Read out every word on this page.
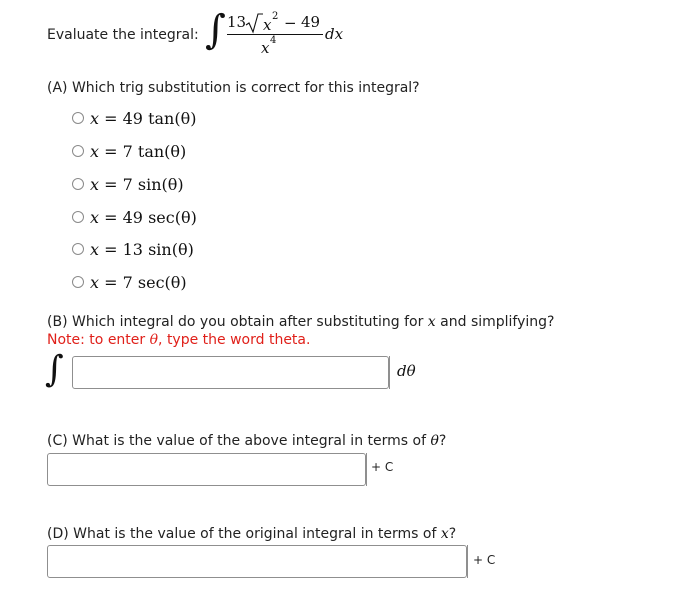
Evaluate the integral: ∫ 13 x 2 − 49
x 4	dx
(A) Which trig substitution is correct for this integral?
x = 49 tan(θ)
x = 7 tan(θ)
x = 7 sin(θ)
x = 49 sec(θ)
x = 13 sin(θ)
x = 7 sec(θ)
(B) Which integral do you obtain after substituting for x and simplifying?
Note: to enter θ, type the word theta.
∫	dθ
(C) What is the value of the above integral in terms of θ?
+ C
(D) What is the value of the original integral in terms of x?
+ C
